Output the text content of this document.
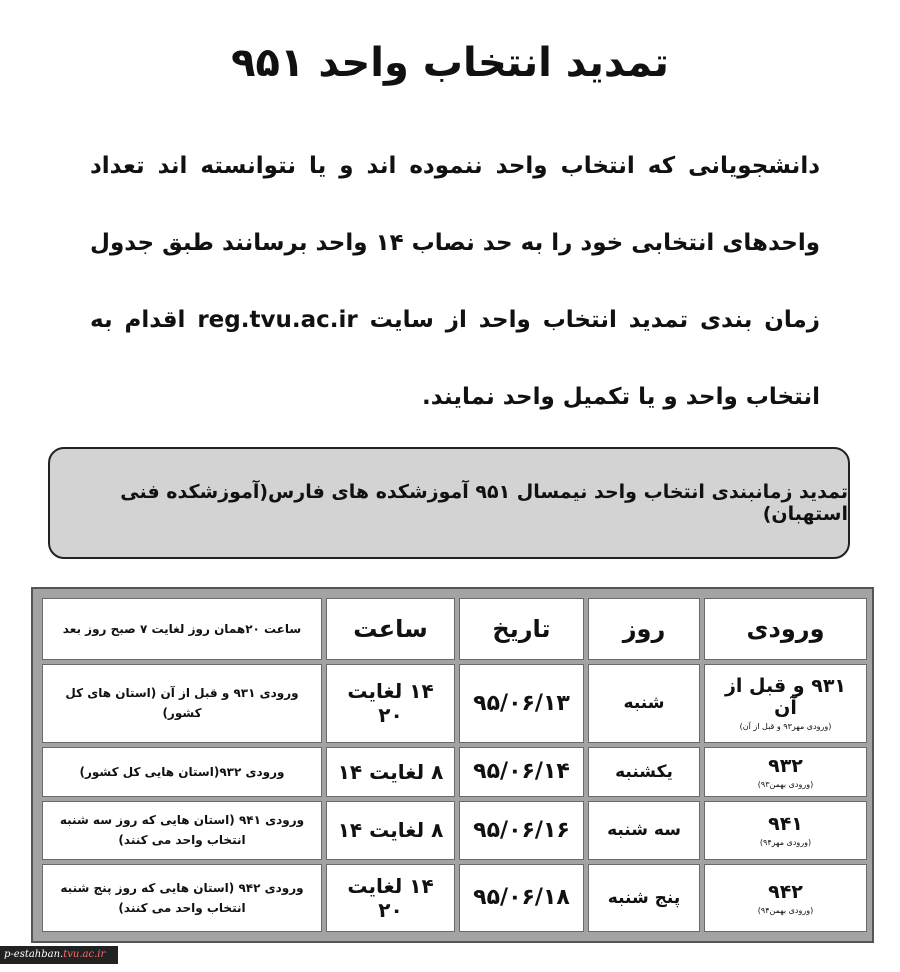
تمدید انتخاب واحد ۹۵۱
دانشجویانی که انتخاب واحد ننموده اند و یا نتوانسته اند تعداد واحدهای انتخابی خود را به حد نصاب ۱۴ واحد برسانند طبق جدول زمان بندی تمدید انتخاب واحد از سایت reg.tvu.ac.ir اقدام به انتخاب واحد و یا تکمیل واحد نمایند.
تمدید زمانبندی انتخاب واحد نیمسال ۹۵۱ آموزشکده های فارس(آموزشکده فنی استهبان)
ورودی	روز	تاریخ	ساعت	ساعت ۲۰همان روز لغایت ۷ صبح روز بعد

۹۳۱ و قبل از آن
(ورودی مهر۹۳ و قبل از آن)	شنبه	۹۵/۰۶/۱۳	۱۴ لغایت ۲۰	ورودی ۹۳۱ و قبل از آن (استان های کل کشور)

۹۳۲
(ورودی بهمن۹۳)	یکشنبه	۹۵/۰۶/۱۴	۸ لغایت ۱۴	ورودی ۹۳۲(استان هایی کل کشور)

۹۴۱
(ورودی مهر۹۴)	سه شنبه	۹۵/۰۶/۱۶	۸ لغایت ۱۴	ورودی ۹۴۱ (استان هایی که روز سه شنبه انتخاب واحد می کنند)

۹۴۲
(ورودی بهمن۹۴)	پنج شنبه	۹۵/۰۶/۱۸	۱۴ لغایت ۲۰	ورودی ۹۴۲ (استان هایی که روز پنج شنبه انتخاب واحد می کنند)
p-estahban.tvu.ac.ir
